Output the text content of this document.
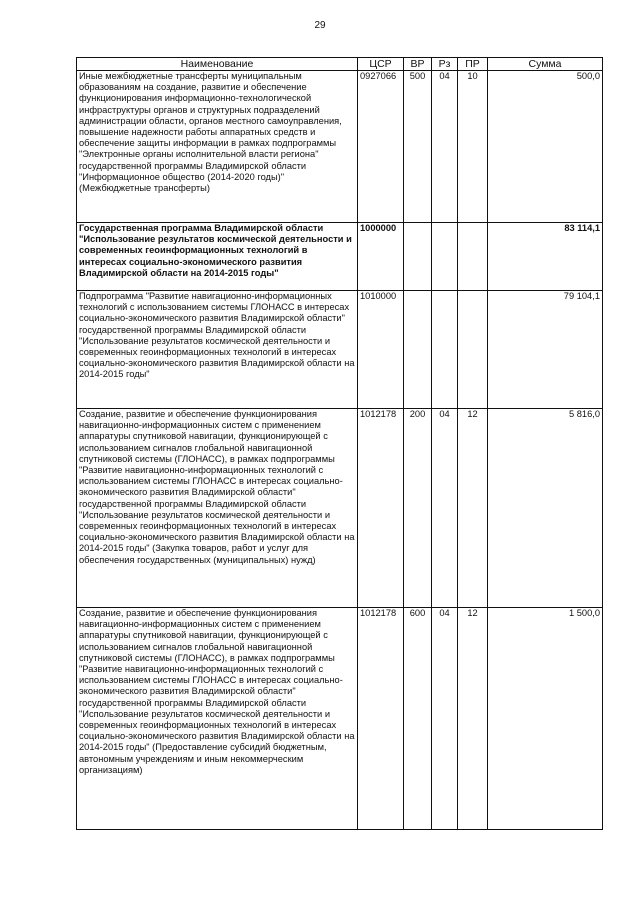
29
Наименование	ЦСР	ВР	Рз	ПР	Сумма
Иные межбюджетные трансферты муниципальным образованиям на создание, развитие и обеспечение функционирования информационно-технологической инфраструктуры органов и структурных подразделений администрации области, органов местного самоуправления, повышение надежности работы аппаратных средств и обеспечение защиты информации в рамках подпрограммы "Электронные органы исполнительной власти региона" государственной программы Владимирской области "Информационное общество (2014-2020 годы)" (Межбюджетные трансферты)	0927066	500	04	10	500,0
Государственная программа Владимирской области "Использование результатов космической деятельности и современных геоинформационных технологий в интересах социально-экономического развития Владимирской области на 2014-2015 годы"	1000000				83 114,1
Подпрограмма "Развитие навигационно-информационных технологий с использованием системы ГЛОНАСС в интересах социально-экономического развития Владимирской области" государственной программы Владимирской области "Использование результатов космической деятельности и современных геоинформационных технологий в интересах социально-экономического развития Владимирской области на 2014-2015 годы"	1010000				79 104,1
Создание, развитие и обеспечение функционирования навигационно-информационных систем с применением аппаратуры спутниковой навигации, функционирующей с использованием сигналов глобальной навигационной спутниковой системы (ГЛОНАСС), в рамках подпрограммы "Развитие навигационно-информационных технологий с использованием системы ГЛОНАСС в интересах социально-экономического развития Владимирской области" государственной программы Владимирской области "Использование результатов космической деятельности и современных геоинформационных технологий в интересах социально-экономического развития Владимирской области на 2014-2015 годы" (Закупка товаров, работ и услуг для обеспечения государственных (муниципальных) нужд)	1012178	200	04	12	5 816,0
Создание, развитие и обеспечение функционирования навигационно-информационных систем с применением аппаратуры спутниковой навигации, функционирующей с использованием сигналов глобальной навигационной спутниковой системы (ГЛОНАСС), в рамках подпрограммы "Развитие навигационно-информационных технологий с использованием системы ГЛОНАСС в интересах социально-экономического развития Владимирской области" государственной программы Владимирской области "Использование результатов космической деятельности и современных геоинформационных технологий в интересах социально-экономического развития Владимирской области на 2014-2015 годы" (Предоставление субсидий бюджетным, автономным учреждениям и иным некоммерческим организациям)	1012178	600	04	12	1 500,0
